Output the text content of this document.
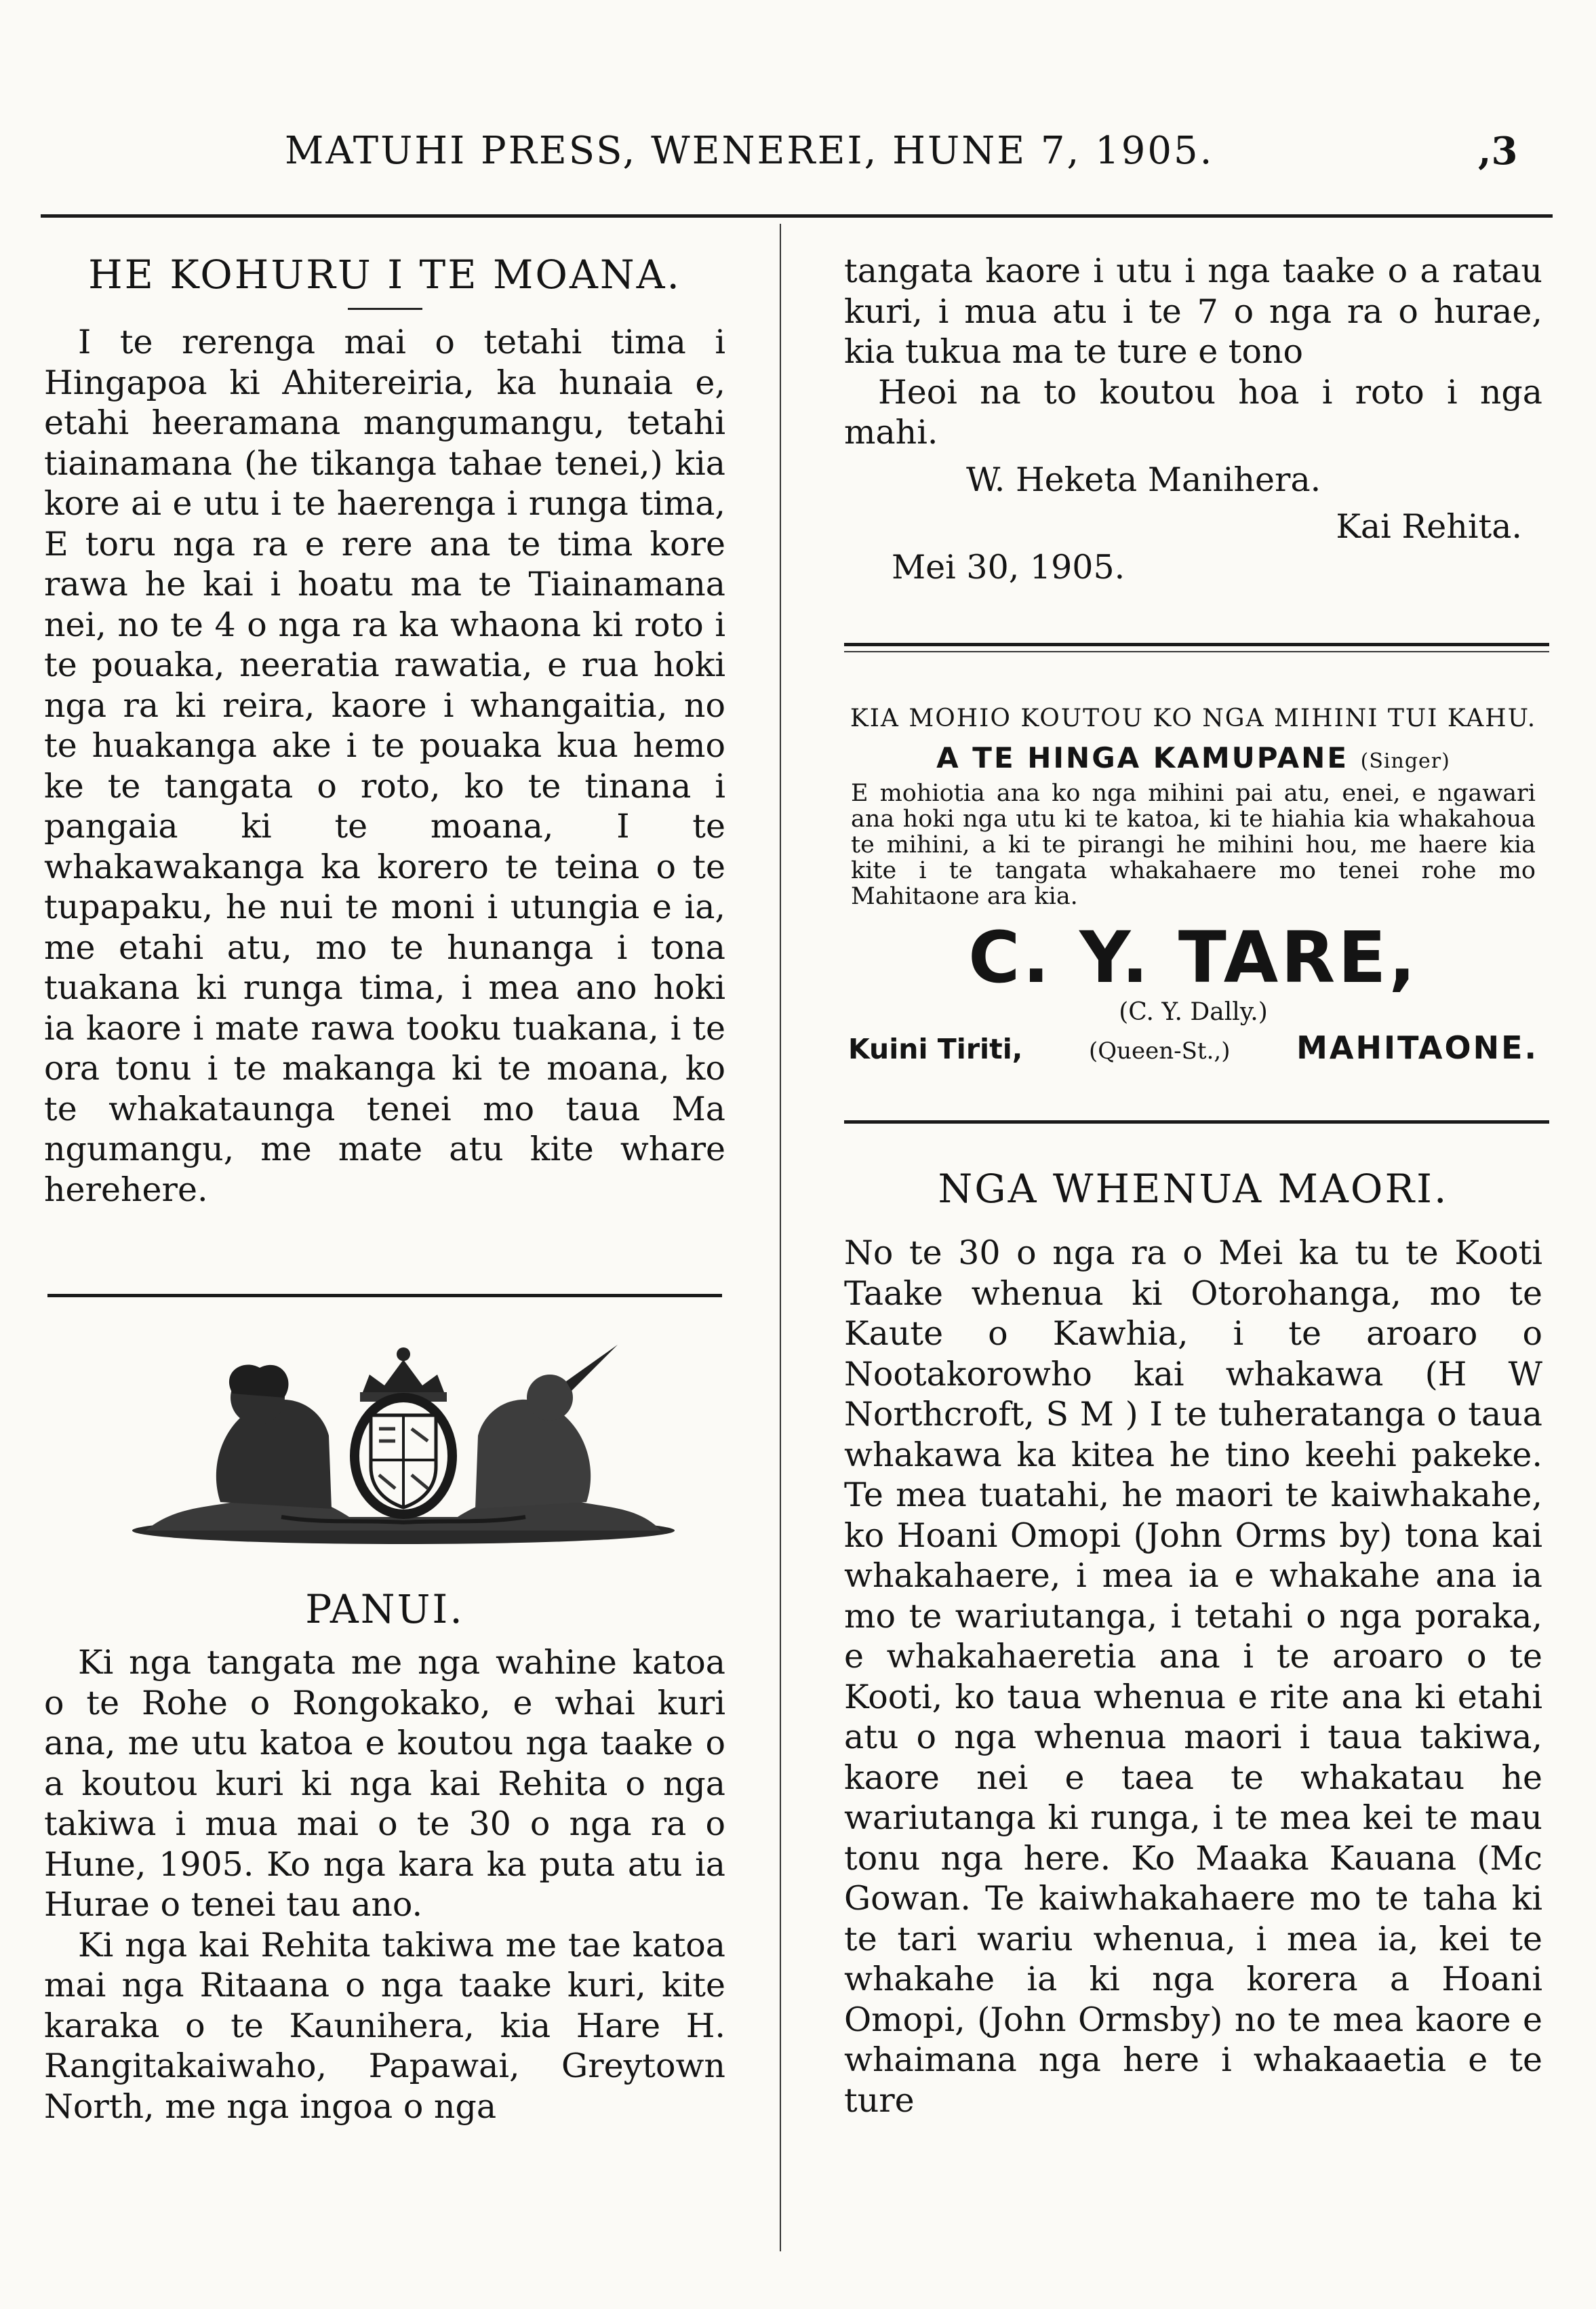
MATUHI PRESS, WENEREI, HUNE 7, 1905.	,3
HE KOHURU I TE MOANA.

I te rerenga mai o tetahi tima i Hingapoa ki Ahitereiria, ka hunaia e, etahi heeramana mangumangu, tetahi tiainamana (he tikanga tahae tenei,) kia kore ai e utu i te haerenga i runga tima, E toru nga ra e rere ana te tima kore rawa he kai i hoatu ma te Tiainamana nei, no te 4 o nga ra ka whaona ki roto i te pouaka, neeratia rawatia, e rua hoki nga ra ki reira, kaore i whangaitia, no te huakanga ake i te pouaka kua hemo ke te tangata o roto, ko te tinana i pangaia ki te moana, I te whakawakanga ka korero te teina o te tupapaku, he nui te moni i utungia e ia, me etahi atu, mo te hunanga i tona tuakana ki runga tima, i mea ano hoki ia kaore i mate rawa tooku tuakana, i te ora tonu i te makanga ki te moana, ko te whakataunga tenei mo taua Ma ngumangu, me mate atu kite whare herehere.

PANUI.

Ki nga tangata me nga wahine katoa o te Rohe o Rongokako, e whai kuri ana, me utu katoa e koutou nga taake o a koutou kuri ki nga kai Rehita o nga takiwa i mua mai o te 30 o nga ra o Hune, 1905. Ko nga kara ka puta atu ia Hurae o tenei tau ano.

Ki nga kai Rehita takiwa me tae katoa mai nga Ritaana o nga taake kuri, kite karaka o te Kaunihera, kia Hare H. Rangitakaiwaho, Papawai, Greytown North, me nga ingoa o nga

tangata kaore i utu i nga taake o a ratau kuri, i mua atu i te 7 o nga ra o hurae, kia tukua ma te ture e tono

Heoi na to koutou hoa i roto i nga mahi.

W. Heketa Manihera.
Kai Rehita.
Mei 30, 1905.
KIA MOHIO KOUTOU KO NGA MIHINI TUI KAHU.
A TE HINGA KAMUPANE (Singer)
E mohiotia ana ko nga mihini pai atu, enei, e ngawari ana hoki nga utu ki te katoa, ki te hiahia kia whakahoua te mihini, a ki te pirangi he mihini hou, me haere kia kite i te tangata whakahaere mo tenei rohe mo Mahitaone ara kia.
C. Y. TARE,
(C. Y. Dally.)
Kuini Tiriti,	(Queen-St.,) MAHITAONE.
NGA WHENUA MAORI.

No te 30 o nga ra o Mei ka tu te Kooti Taake whenua ki Otorohanga, mo te Kaute o Kawhia, i te aroaro o Nootakorowho kai whakawa (H W Northcroft, S M ) I te tuheratanga o taua whakawa ka kitea he tino keehi pakeke. Te mea tuatahi, he maori te kaiwhakahe, ko Hoani Omopi (John Orms by) tona kai whakahaere, i mea ia e whakahe ana ia mo te wariutanga, i tetahi o nga poraka, e whakahaeretia ana i te aroaro o te Kooti, ko taua whenua e rite ana ki etahi atu o nga whenua maori i taua takiwa, kaore nei e taea te whakatau he wariutanga ki runga, i te mea kei te mau tonu nga here. Ko Maaka Kauana (Mc Gowan. Te kaiwhakahaere mo te taha ki te tari wariu whenua, i mea ia, kei te whakahe ia ki nga korera a Hoani Omopi, (John Ormsby) no te mea kaore e whaimana nga here i whakaaetia e te ture
